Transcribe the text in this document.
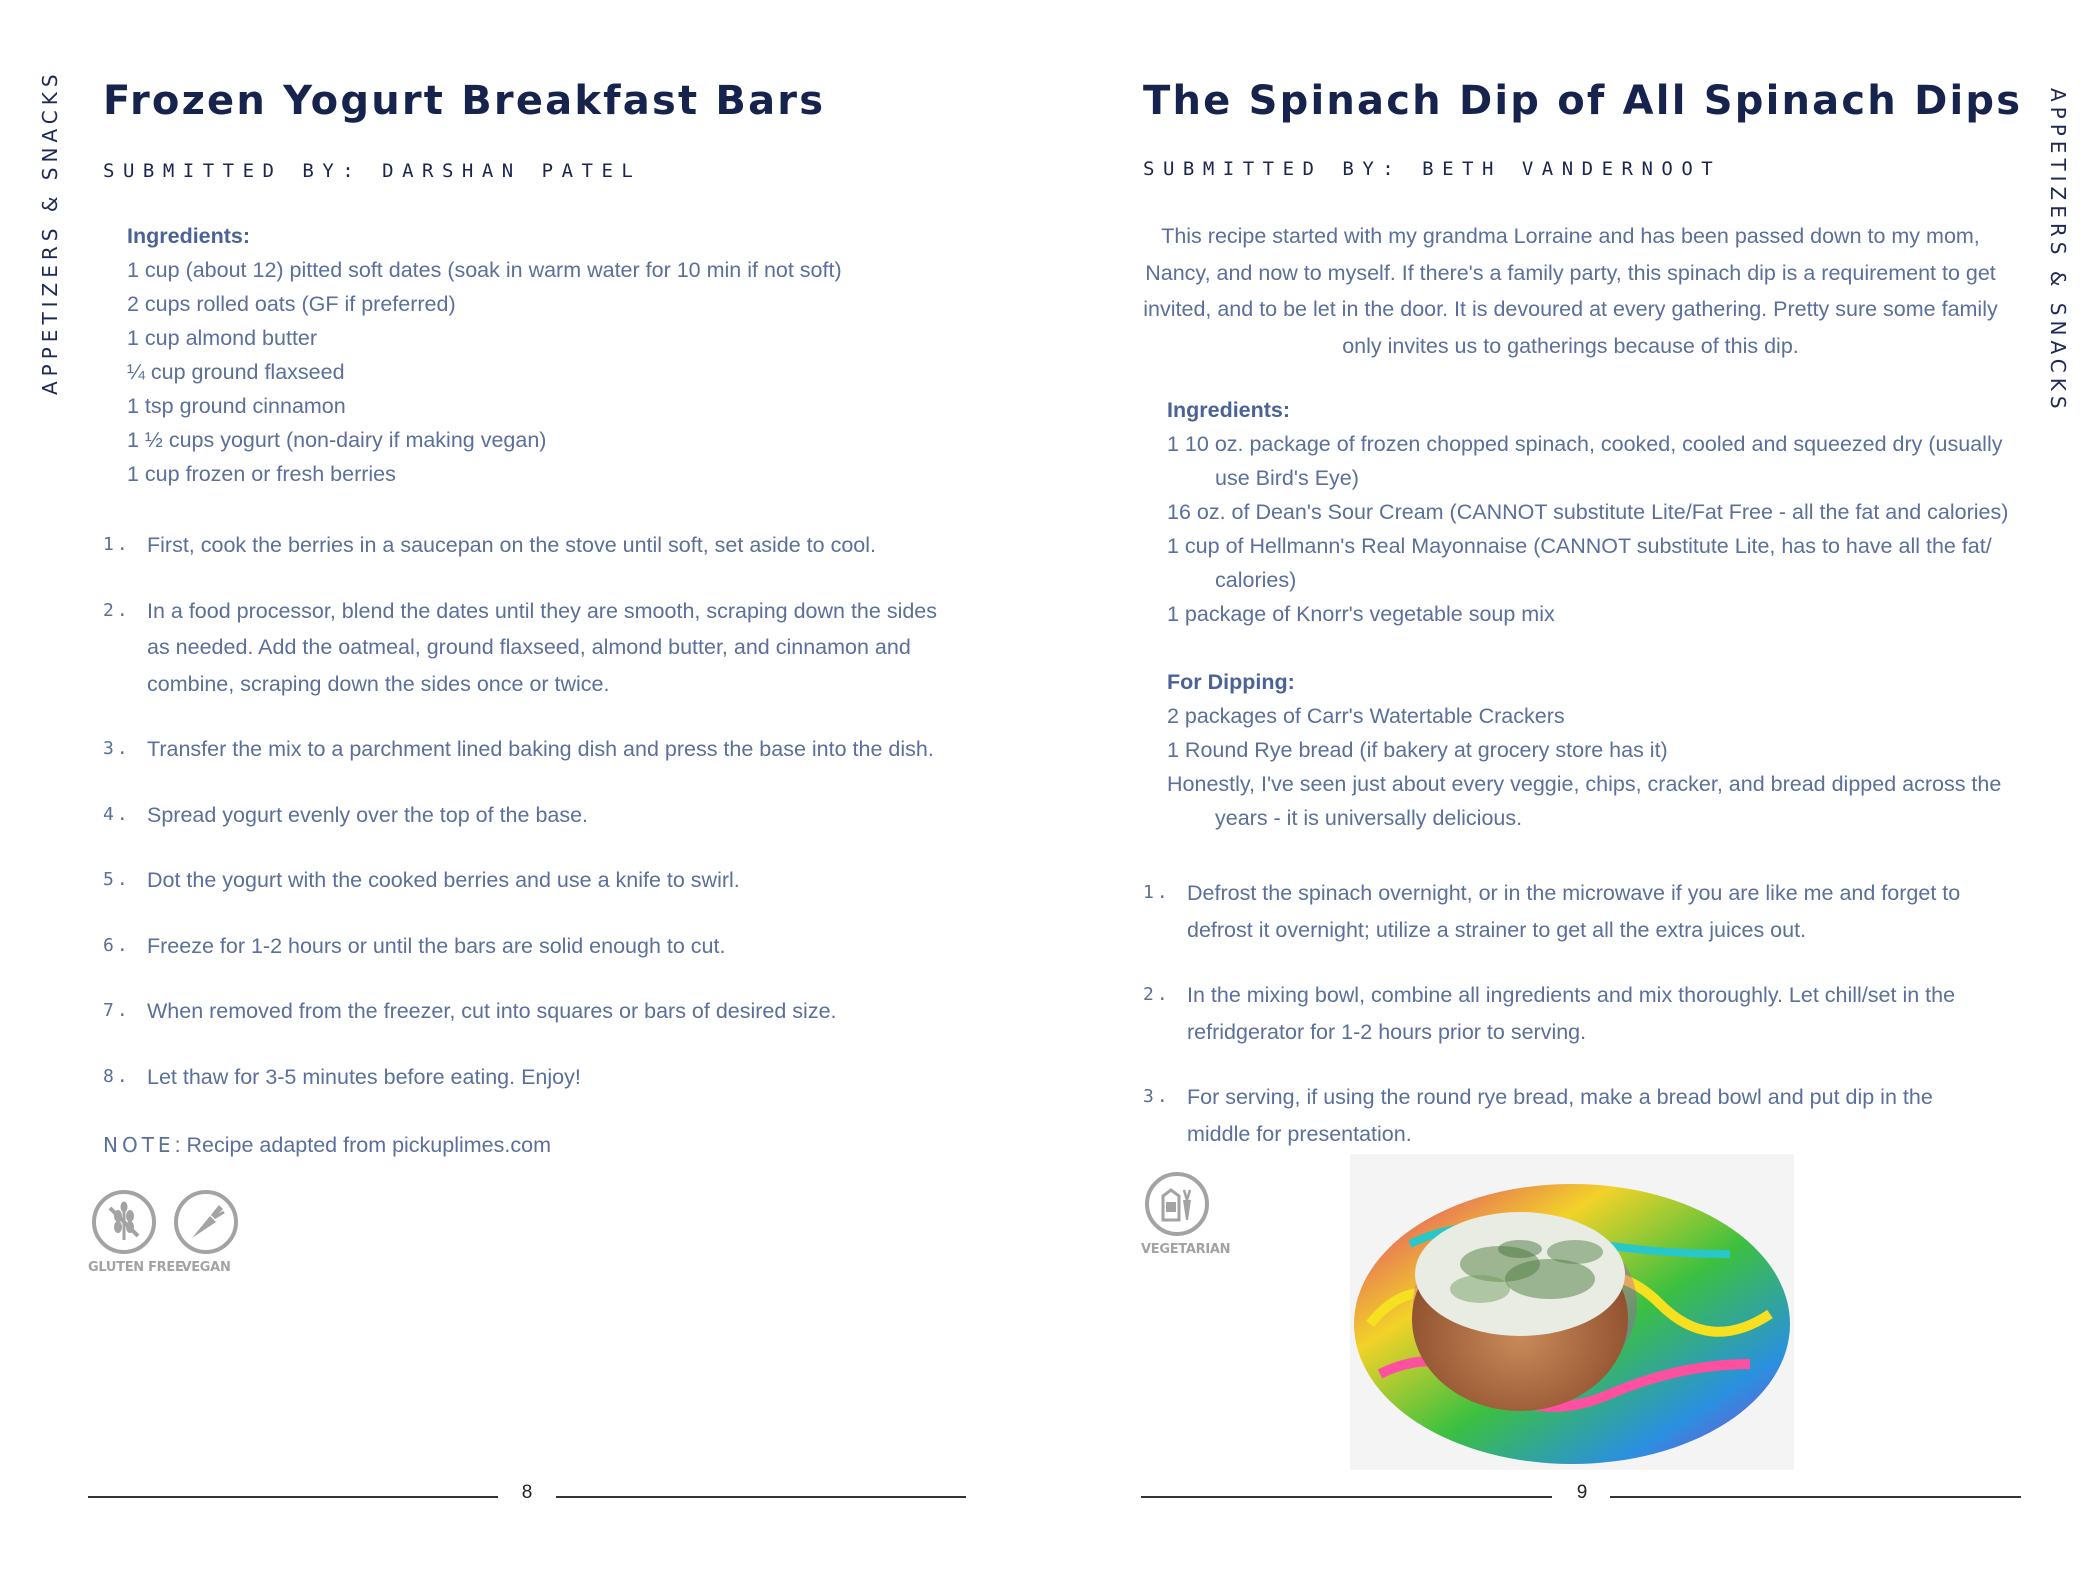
APPETIZERS & SNACKS Frozen Yogurt Breakfast Bars
SUBMITTED BY: DARSHAN PATEL
Ingredients:
1 cup (about 12) pitted soft dates (soak in warm water for 10 min if not soft)
2 cups rolled oats (GF if preferred)
1 cup almond butter
¼ cup ground flaxseed
1 tsp ground cinnamon
1 ½ cups yogurt (non-dairy if making vegan)
1 cup frozen or fresh berries
1. First, cook the berries in a saucepan on the stove until soft, set aside to cool.
2. In a food processor, blend the dates until they are smooth, scraping down the sides as needed. Add the oatmeal, ground flaxseed, almond butter, and cinnamon and combine, scraping down the sides once or twice.
3. Transfer the mix to a parchment lined baking dish and press the base into the dish.
4. Spread yogurt evenly over the top of the base.
5. Dot the yogurt with the cooked berries and use a knife to swirl.
6. Freeze for 1-2 hours or until the bars are solid enough to cut.
7. When removed from the freezer, cut into squares or bars of desired size.
8. Let thaw for 3-5 minutes before eating. Enjoy!
NOTE: Recipe adapted from pickuplimes.com
GLUTEN FREE
VEGAN
8
APPETIZERS & SNACKS
The Spinach Dip of All Spinach Dips
SUBMITTED BY: BETH VANDERNOOT
This recipe started with my grandma Lorraine and has been passed down to my mom, Nancy, and now to myself. If there's a family party, this spinach dip is a requirement to get invited, and to be let in the door. It is devoured at every gathering. Pretty sure some family only invites us to gatherings because of this dip.
Ingredients:
1 10 oz. package of frozen chopped spinach, cooked, cooled and squeezed dry (usually
use Bird's Eye)
16 oz. of Dean's Sour Cream (CANNOT substitute Lite/Fat Free - all the fat and calories)
1 cup of Hellmann's Real Mayonnaise (CANNOT substitute Lite, has to have all the fat/
calories)
1 package of Knorr's vegetable soup mix
For Dipping:
2 packages of Carr's Watertable Crackers
1 Round Rye bread (if bakery at grocery store has it)
Honestly, I've seen just about every veggie, chips, cracker, and bread dipped across the
years - it is universally delicious.
1. Defrost the spinach overnight, or in the microwave if you are like me and forget to defrost it overnight; utilize a strainer to get all the extra juices out.
2. In the mixing bowl, combine all ingredients and mix thoroughly. Let chill/set in the refridgerator for 1-2 hours prior to serving.
3. For serving, if using the round rye bread, make a bread bowl and put dip in the middle for presentation.
VEGETARIAN
9
